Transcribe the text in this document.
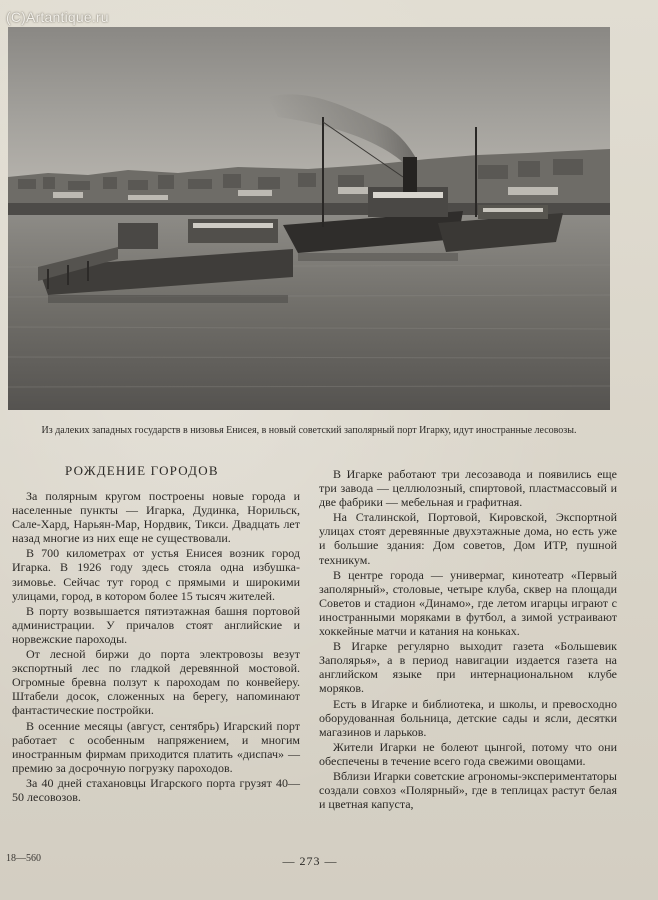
(C)Artantique.ru
Из далеких западных государств в низовья Енисея, в новый советский заполярный порт Игарку, идут иностранные лесовозы.
РОЖДЕНИЕ ГОРОДОВ

За полярным кругом построены новые города и населенные пункты — Игарка, Дудинка, Норильск, Сале-Хард, Нарьян-Мар, Нордвик, Тикси. Двадцать лет назад многие из них еще не существовали.

В 700 километрах от устья Енисея возник город Игарка. В 1926 году здесь стояла одна избушка-зимовье. Сейчас тут город с прямыми и широкими улицами, город, в котором более 15 тысяч жителей.

В порту возвышается пятиэтажная башня портовой администрации. У причалов стоят английские и норвежские пароходы.

От лесной биржи до порта электровозы везут экспортный лес по гладкой деревянной мостовой. Огромные бревна ползут к пароходам по конвейеру. Штабели досок, сложенных на берегу, напоминают фантастические постройки.

В осенние месяцы (август, сентябрь) Игарский порт работает с особенным напряжением, и многим иностранным фирмам приходится платить «диспач» — премию за досрочную погрузку пароходов.

За 40 дней стахановцы Игарского порта грузят 40—50 лесовозов.

В Игарке работают три лесозавода и появились еще три завода — целлюлозный, спиртовой, пластмассовый и две фабрики — мебельная и графитная.

На Сталинской, Портовой, Кировской, Экспортной улицах стоят деревянные двухэтажные дома, но есть уже и большие здания: Дом советов, Дом ИТР, пушной техникум.

В центре города — универмаг, кинотеатр «Первый заполярный», столовые, четыре клуба, сквер на площади Советов и стадион «Динамо», где летом игарцы играют с иностранными моряками в футбол, а зимой устраивают хоккейные матчи и катания на коньках.

В Игарке регулярно выходит газета «Большевик Заполярья», а в период навигации издается газета на английском языке при интернациональном клубе моряков.

Есть в Игарке и библиотека, и школы, и превосходно оборудованная больница, детские сады и ясли, десятки магазинов и ларьков.

Жители Игарки не болеют цынгой, потому что они обеспечены в течение всего года свежими овощами.

Вблизи Игарки советские агрономы-экспериментаторы создали совхоз «Полярный», где в теплицах растут белая и цветная капуста,

18—560	— 273 —
